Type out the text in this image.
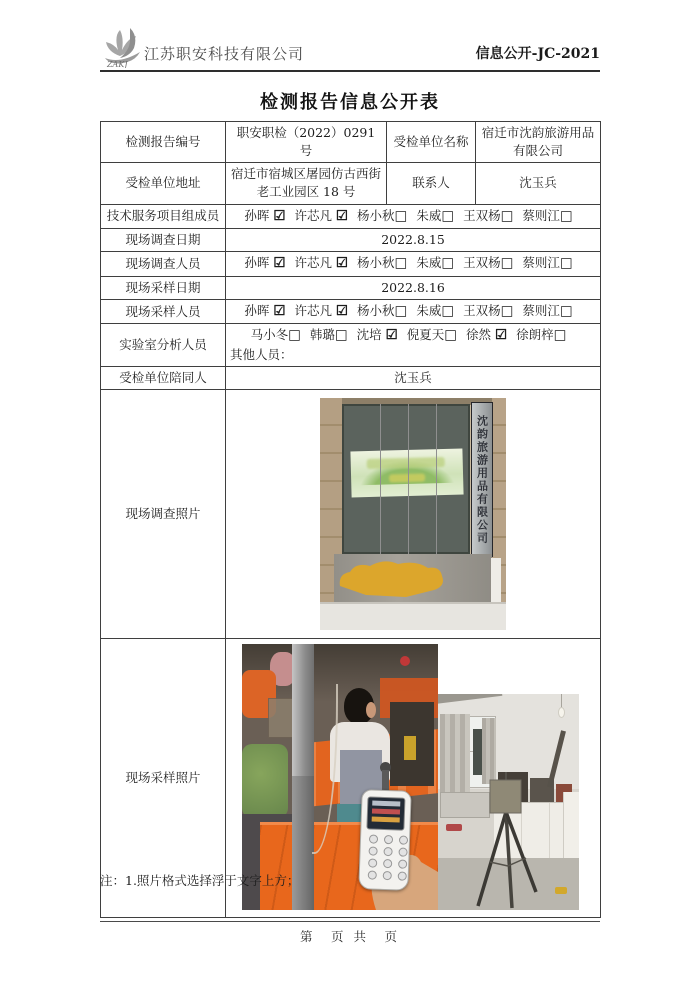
ZAKJ
江苏职安科技有限公司	信息公开-JC-2021
检测报告信息公开表
检测报告编号	职安职检（2022）0291 号	受检单位名称	宿迁市沈韵旅游用品有限公司
受检单位地址	宿迁市宿城区屠园仿古西街老工业园区 18 号	联系人	沈玉兵
技术服务项目组成员	孙晖 ☑ 许芯凡 ☑ 杨小秋□ 朱威□ 王双杨□ 蔡则江□		
现场调查日期	2022.8.15		
现场调查人员	孙晖 ☑ 许芯凡 ☑ 杨小秋□ 朱威□ 王双杨□ 蔡则江□		
现场采样日期	2022.8.16		
现场采样人员	孙晖 ☑ 许芯凡 ☑ 杨小秋□ 朱威□ 王双杨□ 蔡则江□		
实验室分析人员	马小冬□ 韩璐□ 沈培 ☑ 倪夏天□ 徐然 ☑ 徐朗梓□
其他人员：		

受检单位陪同人	沈玉兵		
现场调查照片	沈韵旅游用品有限公司		

现场采样照片	
注：1.照片格式选择浮于文字上方；
第　页 共　页
